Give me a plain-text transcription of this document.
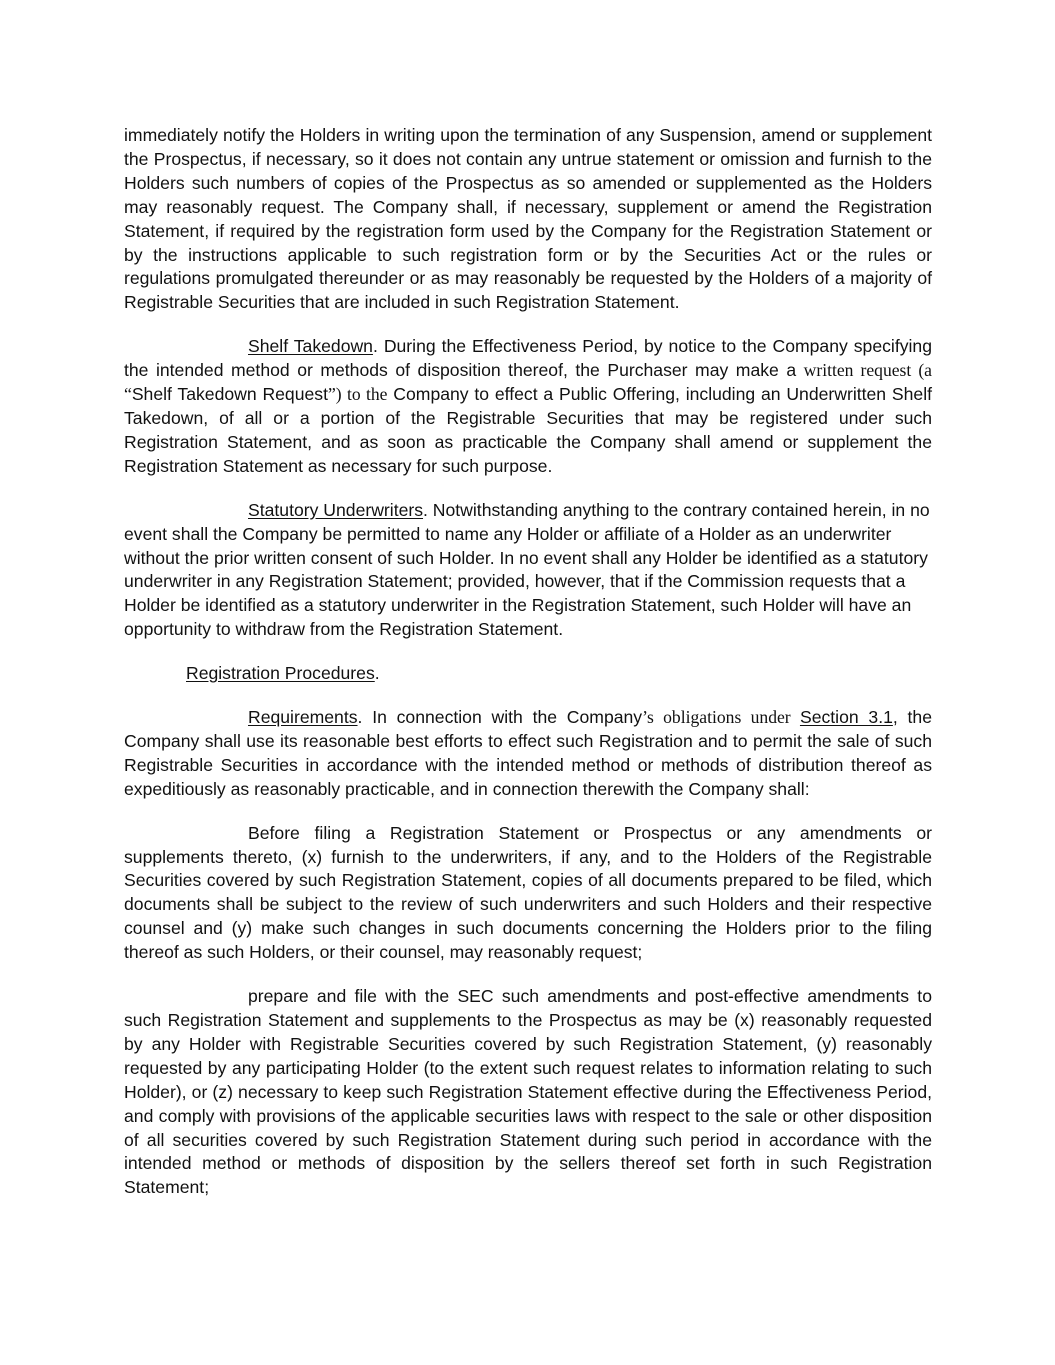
immediately notify the Holders in writing upon the termination of any Suspension, amend or supplement the Prospectus, if necessary, so it does not contain any untrue statement or omission and furnish to the Holders such numbers of copies of the Prospectus as so amended or supplemented as the Holders may reasonably request. The Company shall, if necessary, supplement or amend the Registration Statement, if required by the registration form used by the Company for the Registration Statement or by the instructions applicable to such registration form or by the Securities Act or the rules or regulations promulgated thereunder or as may reasonably be requested by the Holders of a majority of Registrable Securities that are included in such Registration Statement.

Shelf Takedown. During the Effectiveness Period, by notice to the Company specifying the intended method or methods of disposition thereof, the Purchaser may make a written request (a “Shelf Takedown Request”) to the Company to effect a Public Offering, including an Underwritten Shelf Takedown, of all or a portion of the Registrable Securities that may be registered under such Registration Statement, and as soon as practicable the Company shall amend or supplement the Registration Statement as necessary for such purpose.

Statutory Underwriters. Notwithstanding anything to the contrary contained herein, in no event shall the Company be permitted to name any Holder or affiliate of a Holder as an underwriter without the prior written consent of such Holder. In no event shall any Holder be identified as a statutory underwriter in any Registration Statement; provided, however, that if the Commission requests that a Holder be identified as a statutory underwriter in the Registration Statement, such Holder will have an opportunity to withdraw from the Registration Statement.

Registration Procedures.

Requirements. In connection with the Company’s obligations under Section 3.1, the Company shall use its reasonable best efforts to effect such Registration and to permit the sale of such Registrable Securities in accordance with the intended method or methods of distribution thereof as expeditiously as reasonably practicable, and in connection therewith the Company shall:

Before filing a Registration Statement or Prospectus or any amendments or supplements thereto, (x) furnish to the underwriters, if any, and to the Holders of the Registrable Securities covered by such Registration Statement, copies of all documents prepared to be filed, which documents shall be subject to the review of such underwriters and such Holders and their respective counsel and (y) make such changes in such documents concerning the Holders prior to the filing thereof as such Holders, or their counsel, may reasonably request;

prepare and file with the SEC such amendments and post-effective amendments to such Registration Statement and supplements to the Prospectus as may be (x) reasonably requested by any Holder with Registrable Securities covered by such Registration Statement, (y) reasonably requested by any participating Holder (to the extent such request relates to information relating to such Holder), or (z) necessary to keep such Registration Statement effective during the Effectiveness Period, and comply with provisions of the applicable securities laws with respect to the sale or other disposition of all securities covered by such Registration Statement during such period in accordance with the intended method or methods of disposition by the sellers thereof set forth in such Registration Statement;
